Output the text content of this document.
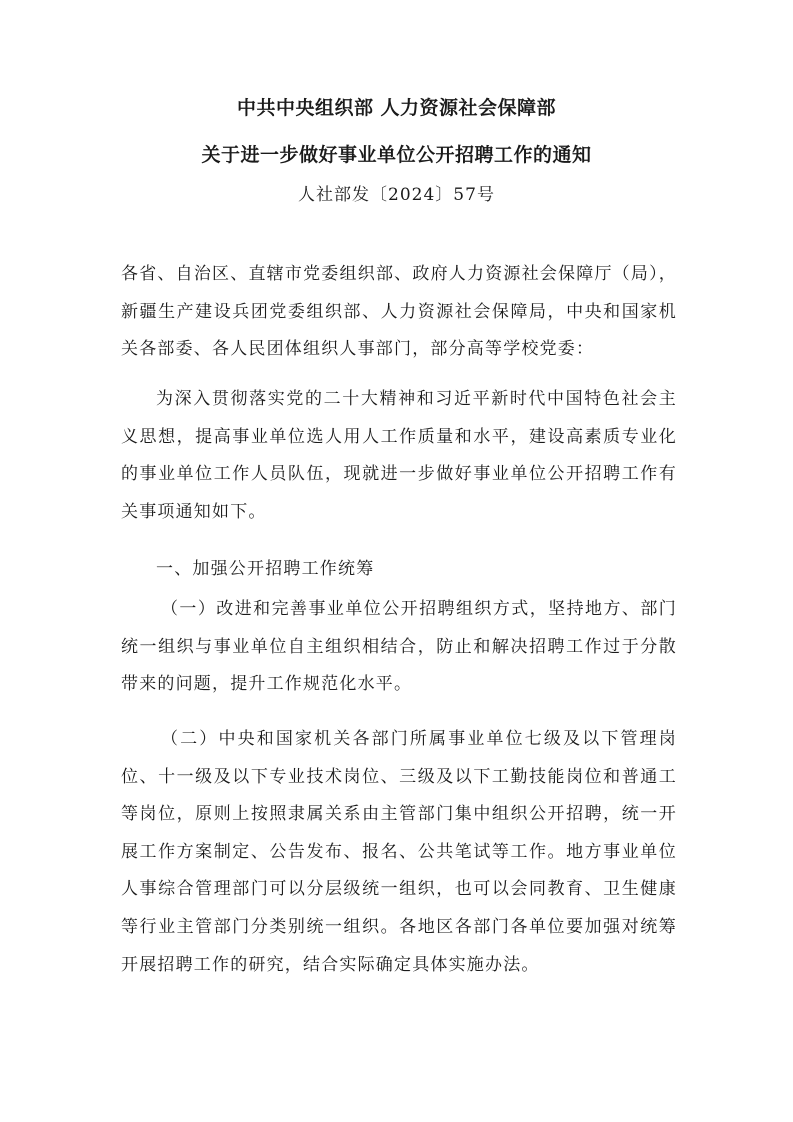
中共中央组织部 人力资源社会保障部
关于进一步做好事业单位公开招聘工作的通知
人社部发〔2024〕57号
各省、自治区、直辖市党委组织部、政府人力资源社会保障厅（局），新疆生产建设兵团党委组织部、人力资源社会保障局，中央和国家机关各部委、各人民团体组织人事部门，部分高等学校党委：
为深入贯彻落实党的二十大精神和习近平新时代中国特色社会主义思想，提高事业单位选人用人工作质量和水平，建设高素质专业化的事业单位工作人员队伍，现就进一步做好事业单位公开招聘工作有关事项通知如下。
一、加强公开招聘工作统筹
（一）改进和完善事业单位公开招聘组织方式，坚持地方、部门统一组织与事业单位自主组织相结合，防止和解决招聘工作过于分散带来的问题，提升工作规范化水平。
（二）中央和国家机关各部门所属事业单位七级及以下管理岗位、十一级及以下专业技术岗位、三级及以下工勤技能岗位和普通工等岗位，原则上按照隶属关系由主管部门集中组织公开招聘，统一开展工作方案制定、公告发布、报名、公共笔试等工作。地方事业单位人事综合管理部门可以分层级统一组织，也可以会同教育、卫生健康等行业主管部门分类别统一组织。各地区各部门各单位要加强对统筹开展招聘工作的研究，结合实际确定具体实施办法。
